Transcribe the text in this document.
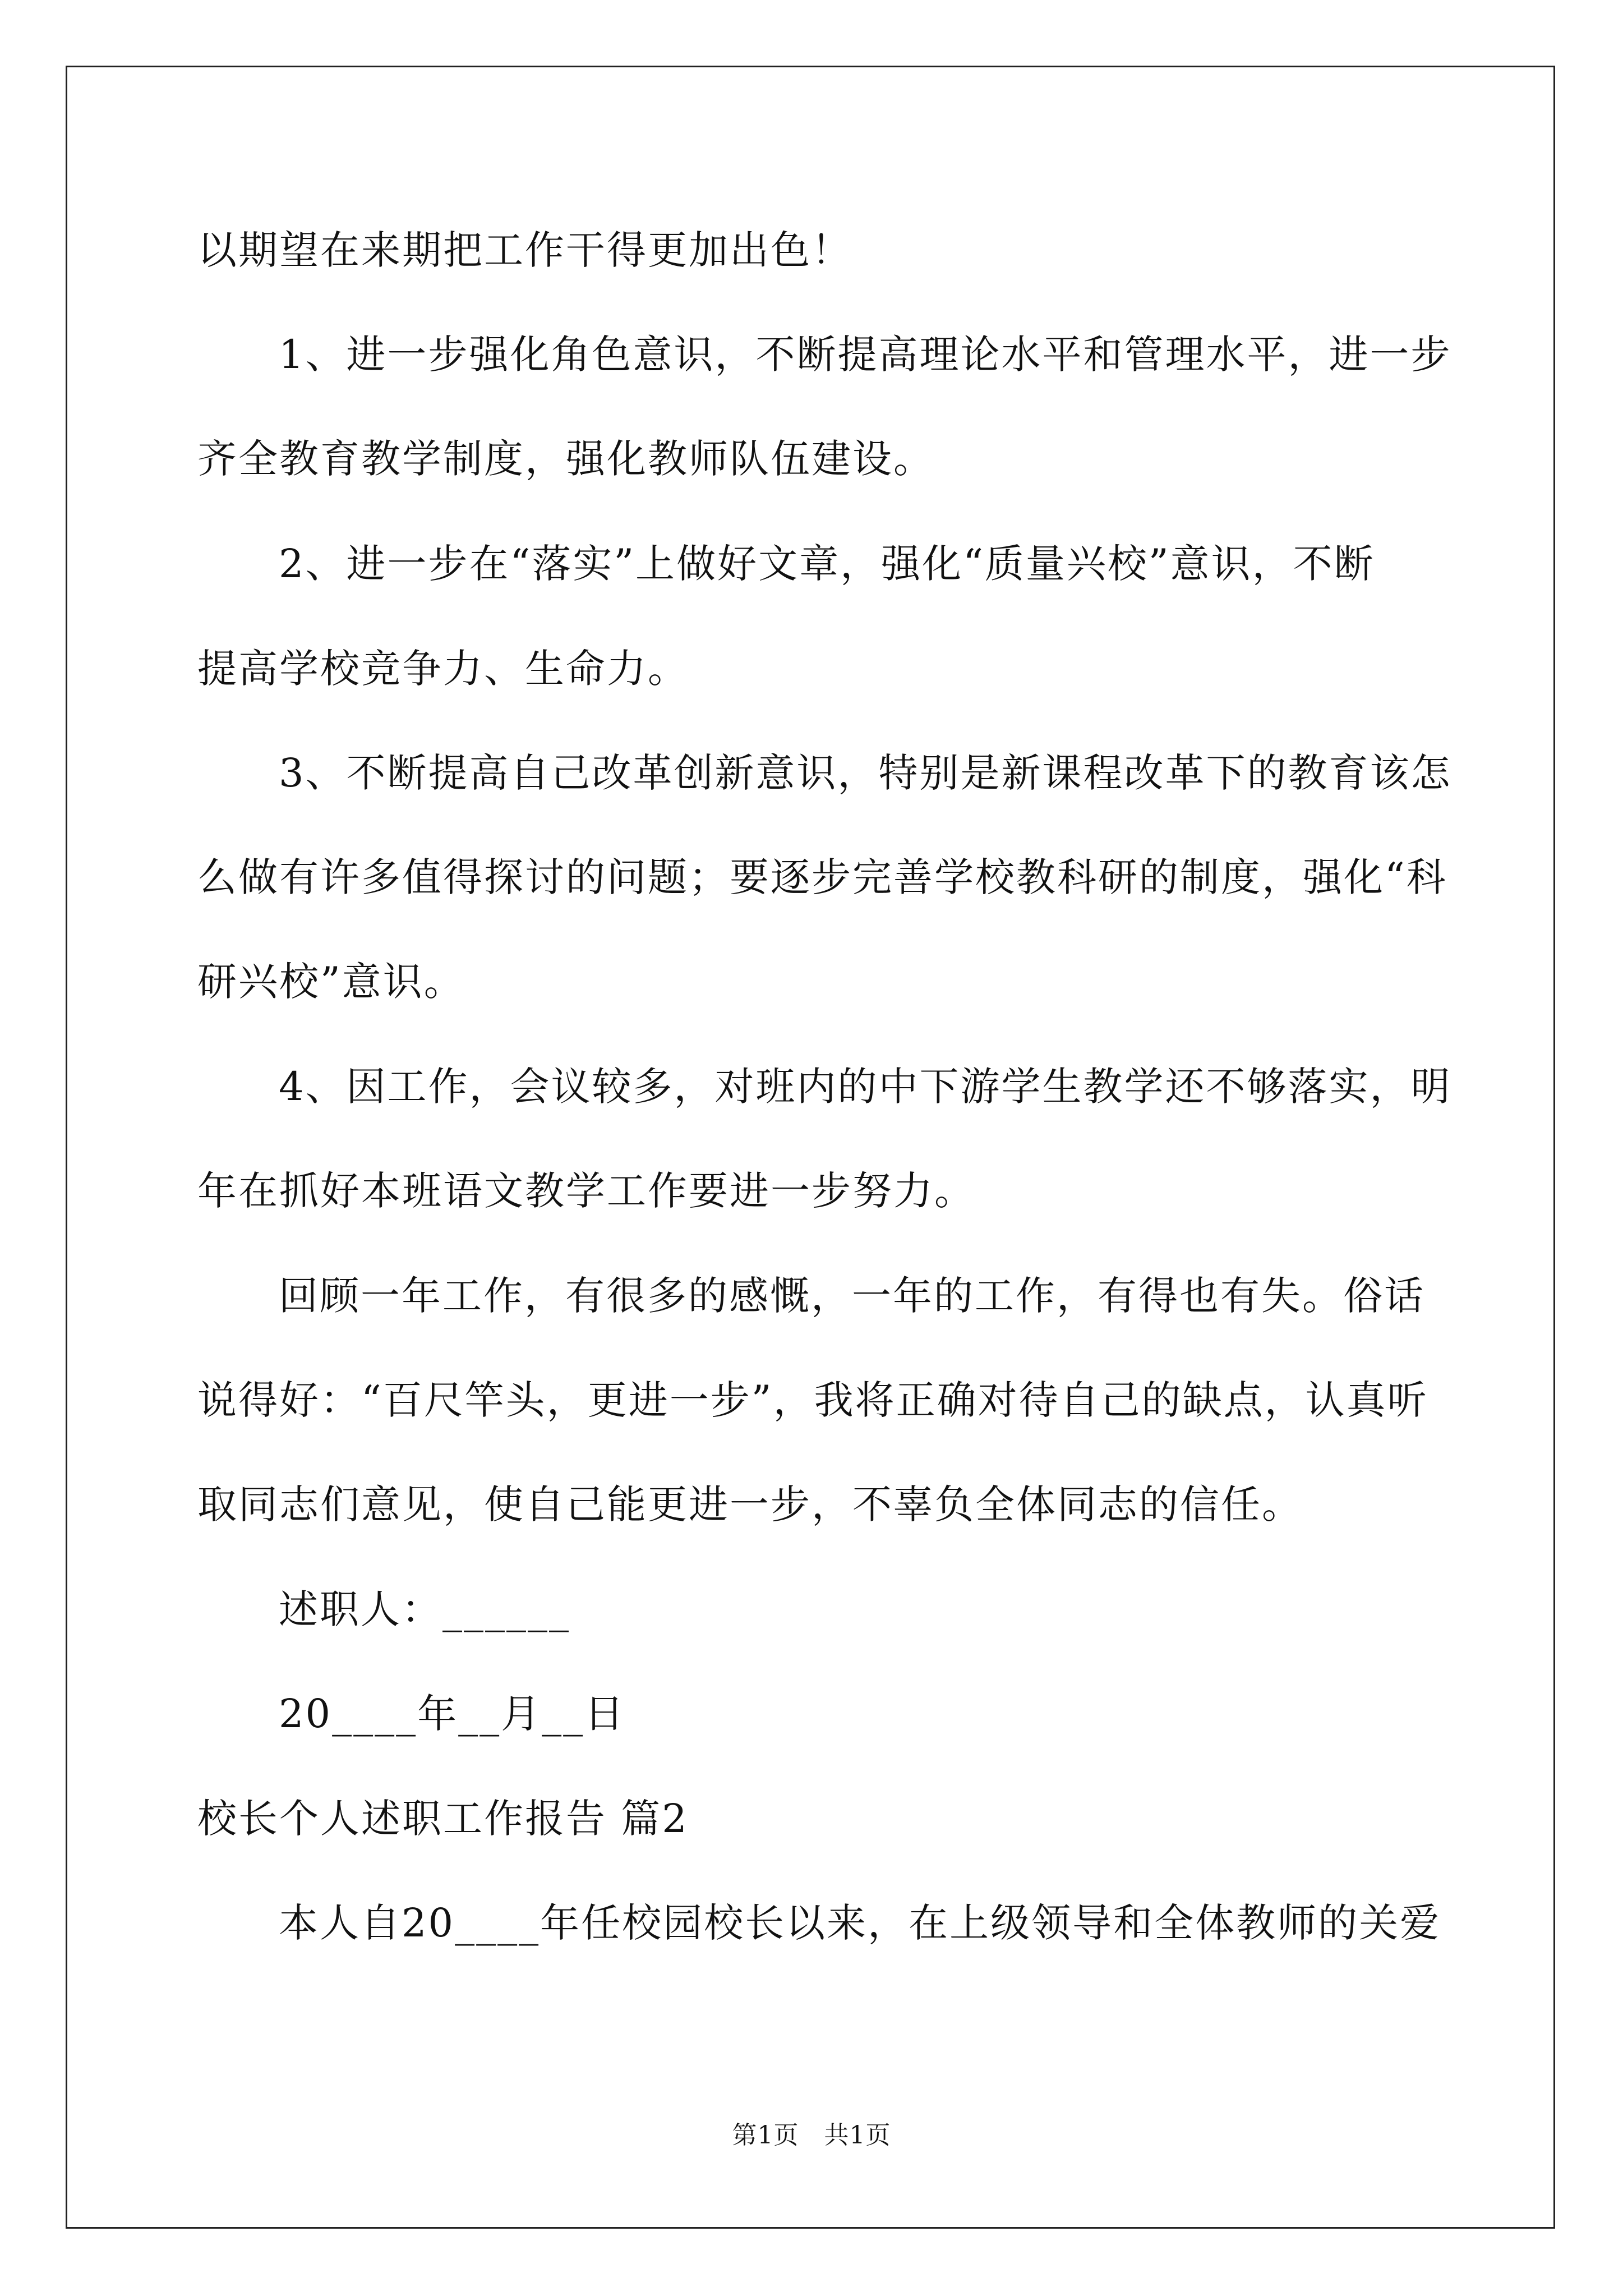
以期望在来期把工作干得更加出色！
1、进一步强化角色意识，不断提高理论水平和管理水平，进一步
齐全教育教学制度，强化教师队伍建设。
2、进一步在“落实”上做好文章，强化“质量兴校”意识，不断
提高学校竞争力、生命力。
3、不断提高自己改革创新意识，特别是新课程改革下的教育该怎
么做有许多值得探讨的问题；要逐步完善学校教科研的制度，强化“科
研兴校”意识。
4、因工作，会议较多，对班内的中下游学生教学还不够落实，明
年在抓好本班语文教学工作要进一步努力。
回顾一年工作，有很多的感慨，一年的工作，有得也有失。俗话
说得好：“百尺竿头，更进一步”，我将正确对待自己的缺点，认真听
取同志们意见，使自己能更进一步，不辜负全体同志的信任。
述职人：______
20____年__月__日
校长个人述职工作报告 篇2
本人自20____年任校园校长以来，在上级领导和全体教师的关爱
第1页   共1页
